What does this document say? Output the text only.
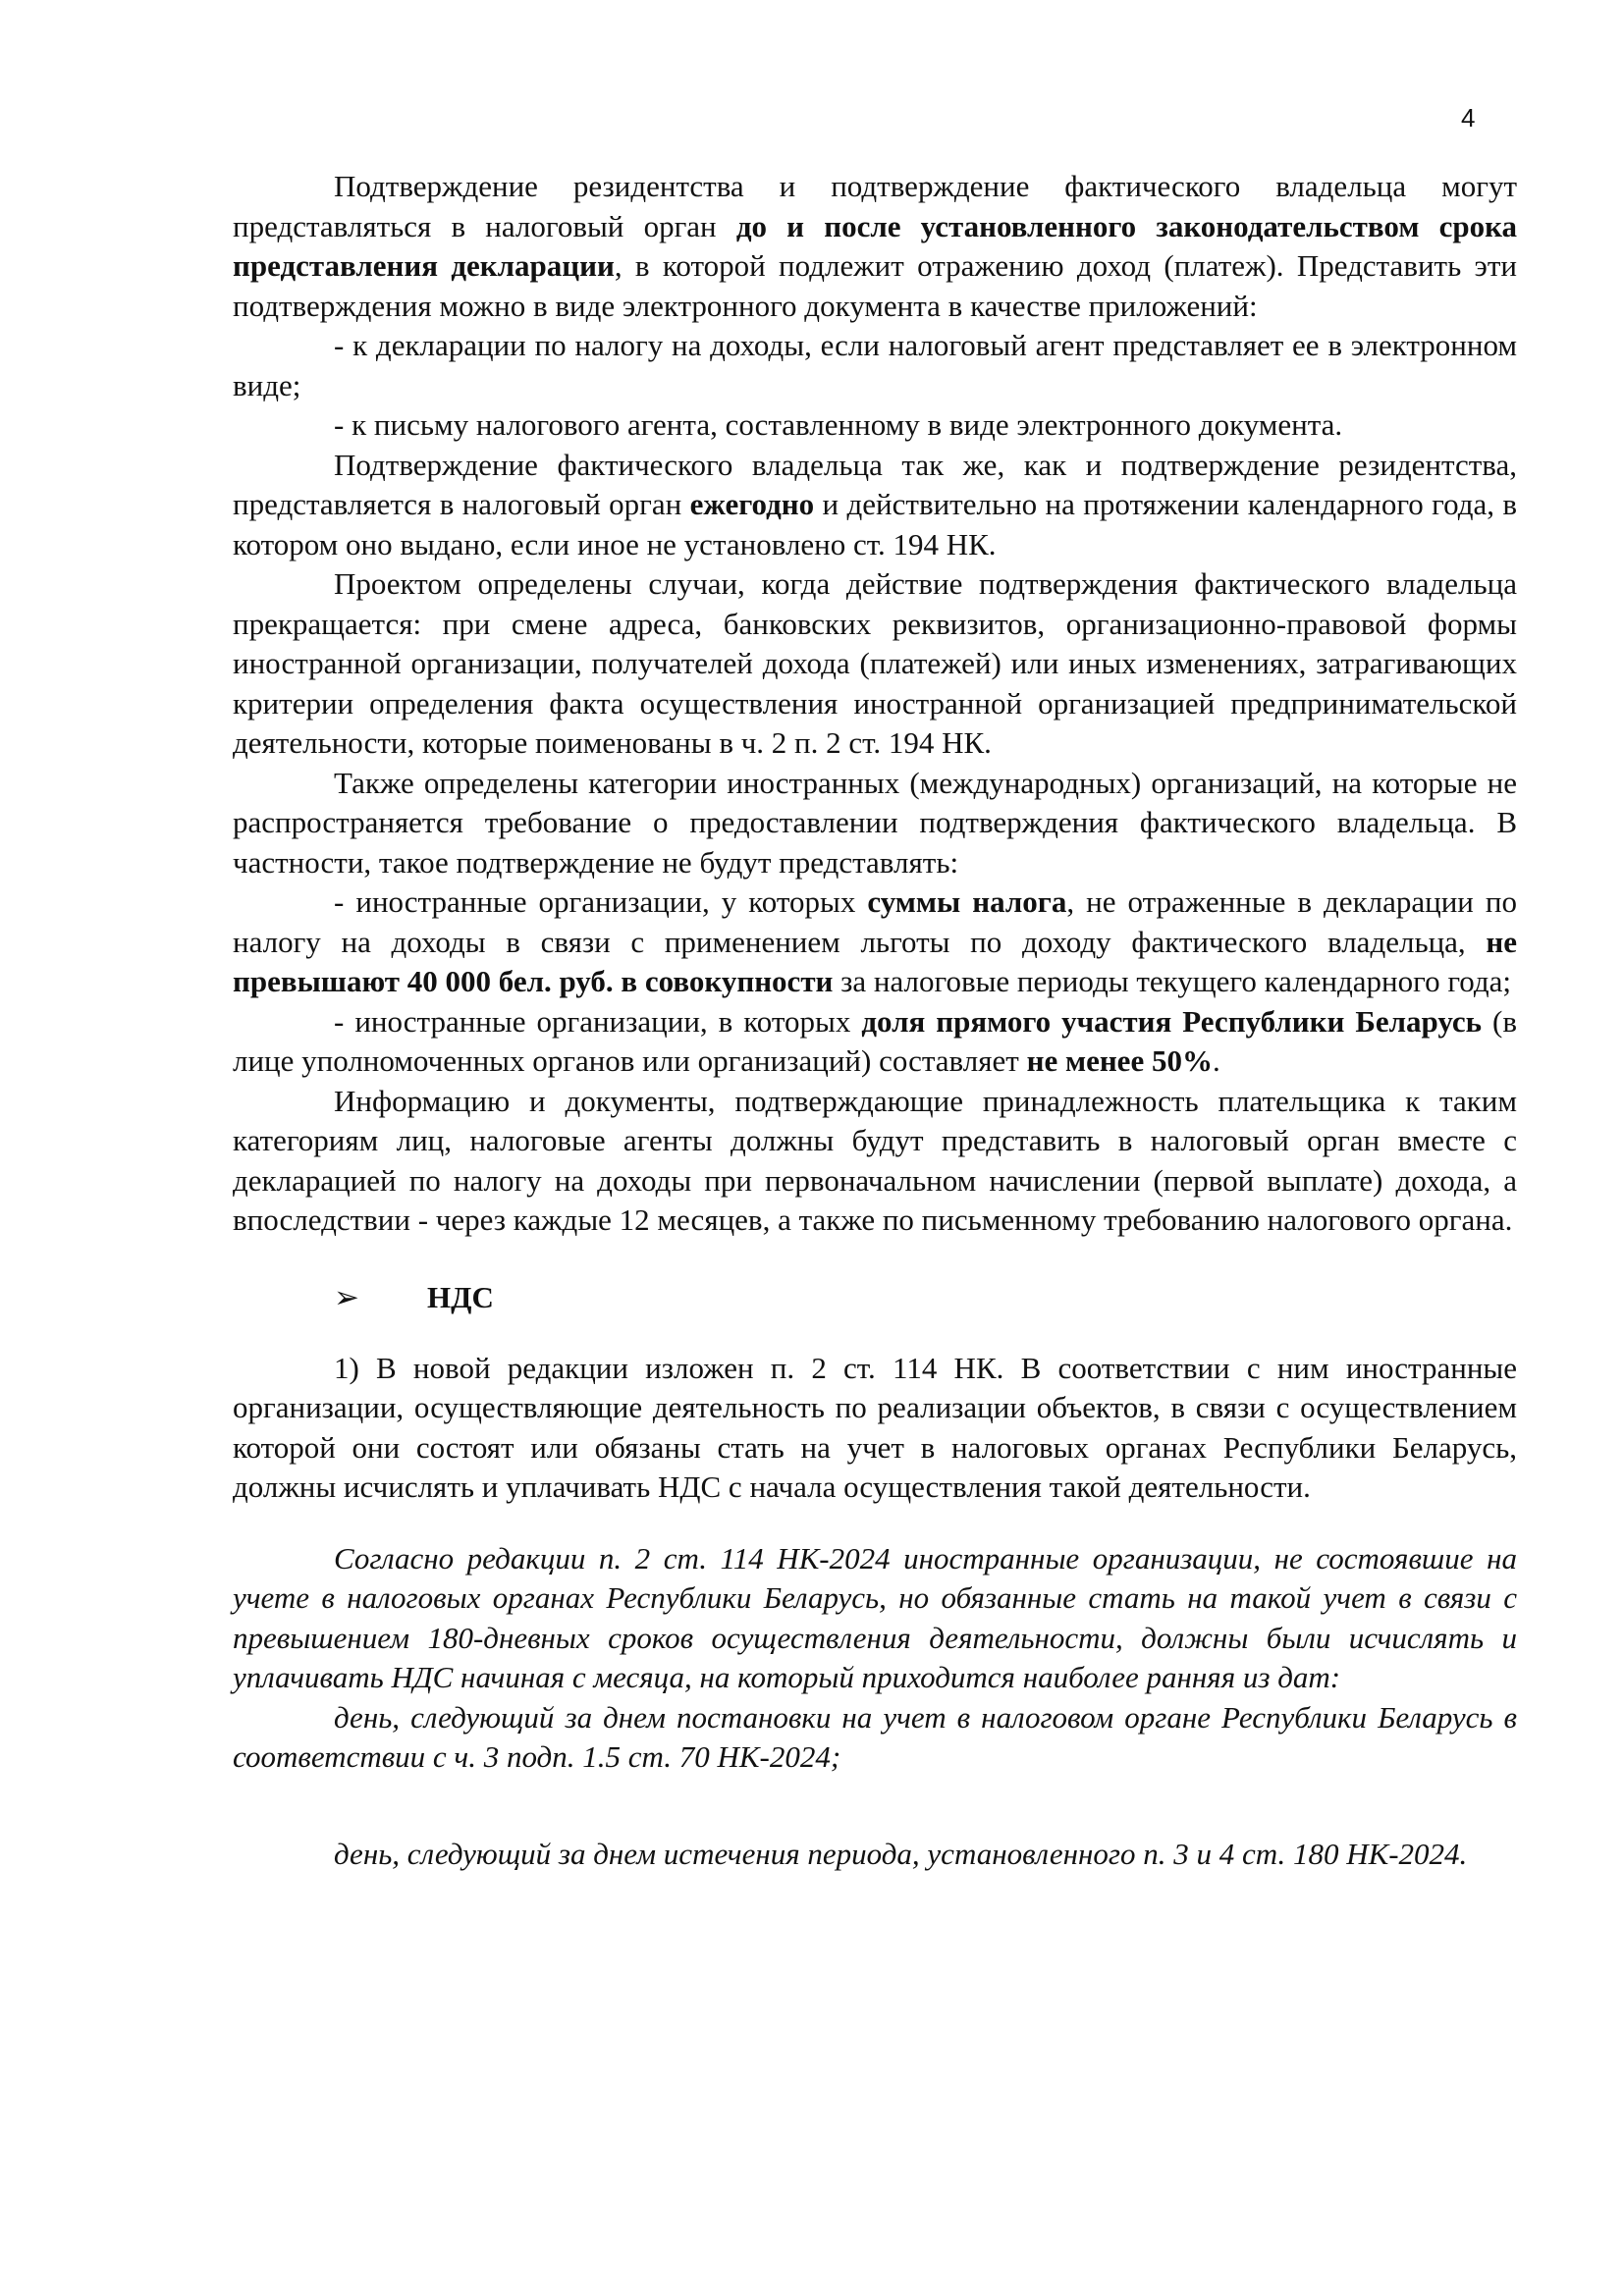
4

Подтверждение резидентства и подтверждение фактического владельца могут представляться в налоговый орган до и после установленного законодательством срока представления декларации, в которой подлежит отражению доход (платеж). Представить эти подтверждения можно в виде электронного документа в качестве приложений:

- к декларации по налогу на доходы, если налоговый агент представляет ее в электронном виде;

- к письму налогового агента, составленному в виде электронного документа.

Подтверждение фактического владельца так же, как и подтверждение резидентства, представляется в налоговый орган ежегодно и действительно на протяжении календарного года, в котором оно выдано, если иное не установлено ст. 194 НК.

Проектом определены случаи, когда действие подтверждения фактического владельца прекращается: при смене адреса, банковских реквизитов, организационно-правовой формы иностранной организации, получателей дохода (платежей) или иных изменениях, затрагивающих критерии определения факта осуществления иностранной организацией предпринимательской деятельности, которые поименованы в ч. 2 п. 2 ст. 194 НК.

Также определены категории иностранных (международных) организаций, на которые не распространяется требование о предоставлении подтверждения фактического владельца. В частности, такое подтверждение не будут представлять:

- иностранные организации, у которых суммы налога, не отраженные в декларации по налогу на доходы в связи с применением льготы по доходу фактического владельца, не превышают 40 000 бел. руб. в совокупности за налоговые периоды текущего календарного года;

- иностранные организации, в которых доля прямого участия Республики Беларусь (в лице уполномоченных органов или организаций) составляет не менее 50%.

Информацию и документы, подтверждающие принадлежность плательщика к таким категориям лиц, налоговые агенты должны будут представить в налоговый орган вместе с декларацией по налогу на доходы при первоначальном начислении (первой выплате) дохода, а впоследствии - через каждые 12 месяцев, а также по письменному требованию налогового органа.

➢ НДС

1) В новой редакции изложен п. 2 ст. 114 НК. В соответствии с ним иностранные организации, осуществляющие деятельность по реализации объектов, в связи с осуществлением которой они состоят или обязаны стать на учет в налоговых органах Республики Беларусь, должны исчислять и уплачивать НДС с начала осуществления такой деятельности.

Согласно редакции п. 2 ст. 114 НК-2024 иностранные организации, не состоявшие на учете в налоговых органах Республики Беларусь, но обязанные стать на такой учет в связи с превышением 180-дневных сроков осуществления деятельности, должны были исчислять и уплачивать НДС начиная с месяца, на который приходится наиболее ранняя из дат:

день, следующий за днем постановки на учет в налоговом органе Республики Беларусь в соответствии с ч. 3 подп. 1.5 ст. 70 НК-2024;

день, следующий за днем истечения периода, установленного п. 3 и 4 ст. 180 НК-2024.
